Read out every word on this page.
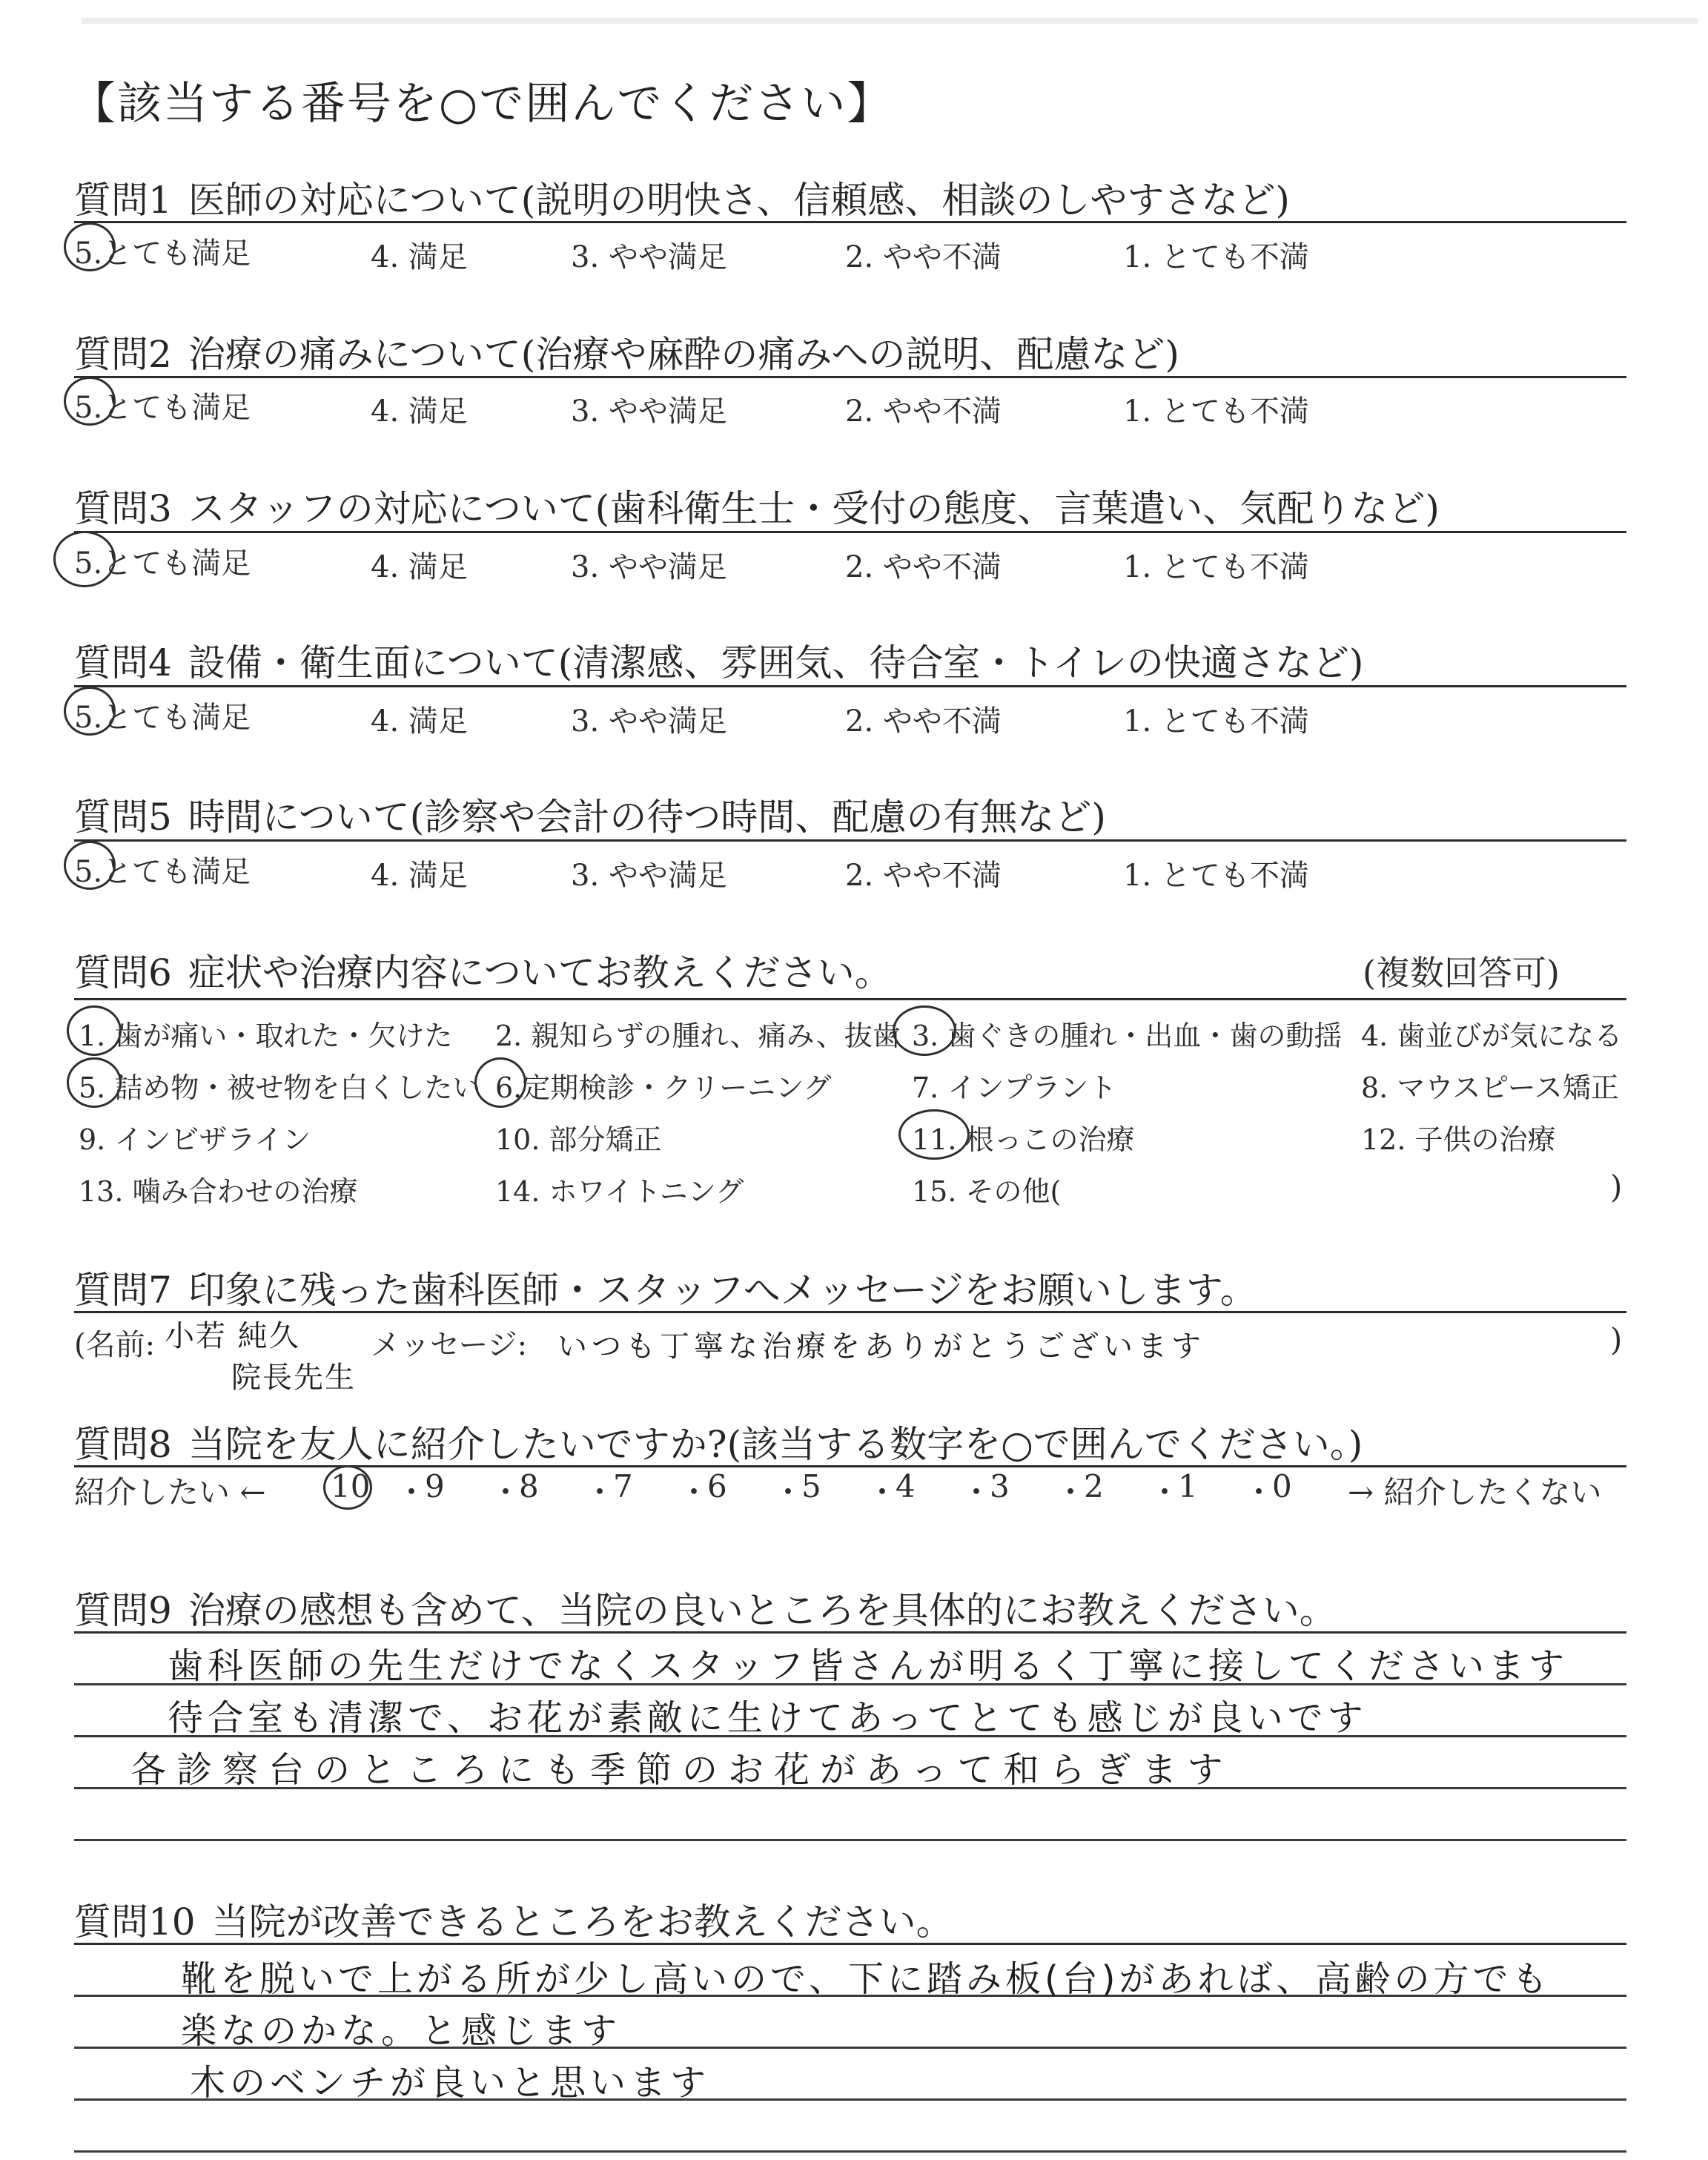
【該当する番号を○で囲んでください】
質問1 医師の対応について(説明の明快さ、信頼感、相談のしやすさなど)
5.とても満足	4. 満足	3. やや満足	2. やや不満	1. とても不満
質問2 治療の痛みについて(治療や麻酔の痛みへの説明、配慮など)
5.とても満足	4. 満足	3. やや満足	2. やや不満	1. とても不満
質問3 スタッフの対応について(歯科衛生士・受付の態度、言葉遣い、気配りなど)
5.とても満足	4. 満足	3. やや満足	2. やや不満	1. とても不満
質問4 設備・衛生面について(清潔感、雰囲気、待合室・トイレの快適さなど)
5.とても満足	4. 満足	3. やや満足	2. やや不満	1. とても不満
質問5 時間について(診察や会計の待つ時間、配慮の有無など)
5.とても満足	4. 満足	3. やや満足	2. やや不満	1. とても不満
質問6 症状や治療内容についてお教えください。	(複数回答可)
1. 歯が痛い・取れた・欠けた 2. 親知らずの腫れ、痛み、抜歯 3. 歯ぐきの腫れ・出血・歯の動揺 4. 歯並びが気になる
5. 詰め物・被せ物を白くしたい 6.定期検診・クリーニング	7. インプラント	8. マウスピース矯正
9. インビザライン	10. 部分矯正	11. 根っこの治療	12. 子供の治療
13. 噛み合わせの治療	14. ホワイトニング	15. その他(	)
質問7 印象に残った歯科医師・スタッフへメッセージをお願いします。
(名前: 小若 純久
院長先生
メッセージ: いつも丁寧な治療をありがとうございます	)
質問8 当院を友人に紹介したいですか?(該当する数字を○で囲んでください。)
紹介したい ← 10 ・
9 ・
8 ・
7 ・
6 ・
5 ・
4 ・
3 ・
2 ・
1 ・
0 → 紹介したくない
質問9 治療の感想も含めて、当院の良いところを具体的にお教えください。
歯科医師の先生だけでなくスタッフ皆さんが明るく丁寧に接してくださいます
待合室も清潔で、お花が素敵に生けてあってとても感じが良いです
各診察台のところにも季節のお花があって和らぎます
質問10 当院が改善できるところをお教えください。
靴を脱いで上がる所が少し高いので、下に踏み板(台)があれば、高齢の方でも
楽なのかな。と感じます
木のベンチが良いと思います
